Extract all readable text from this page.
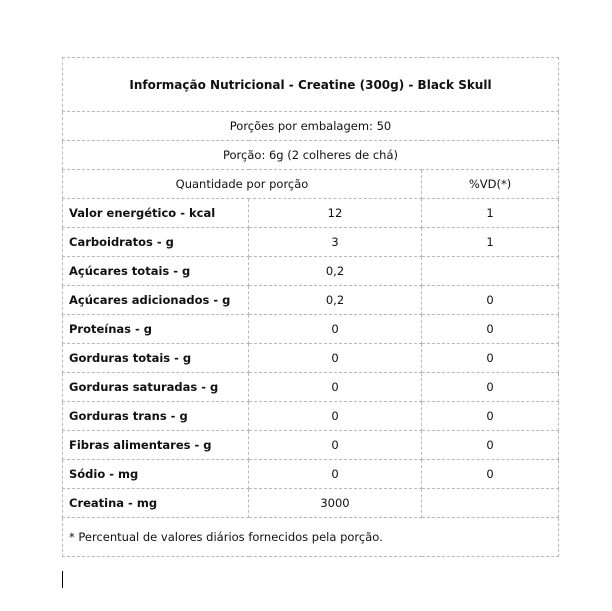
Informação Nutricional - Creatine (300g) - Black Skull		
Porções por embalagem: 50		
Porção: 6g (2 colheres de chá)		
Quantidade por porção		%VD(*)
Valor energético - kcal	12	1
Carboidratos - g	3	1
Açúcares totais - g	0,2	
Açúcares adicionados - g	0,2	0
Proteínas - g	0	0
Gorduras totais - g	0	0
Gorduras saturadas - g	0	0
Gorduras trans - g	0	0
Fibras alimentares - g	0	0
Sódio - mg	0	0
Creatina - mg	3000	
* Percentual de valores diários fornecidos pela porção.		
